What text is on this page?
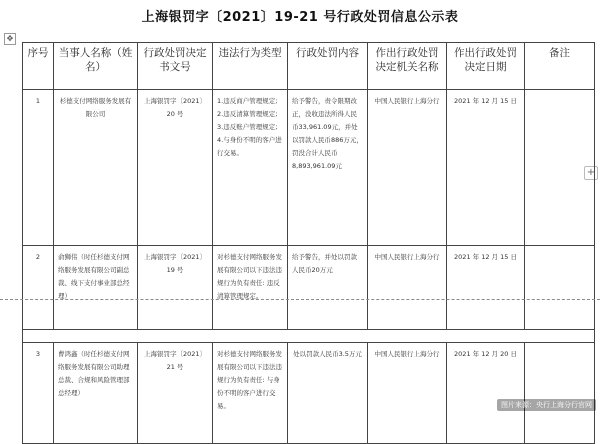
上海银罚字〔2021〕19-21 号行政处罚信息公示表
✥
+
序号	当事人名称（姓名）	行政处罚决定书文号	违法行为类型	行政处罚内容	作出行政处罚决定机关名称	作出行政处罚决定日期	备注
1	杉德支付网络服务发展有限公司	上海银罚字〔2021〕20 号	1.违反商户管理规定; 2.违反清算管理规定; 3.违反账户管理规定; 4.与身份不明的客户进行交易。	给予警告，责令限期改正，没收违法所得人民币33,961.09元，并处以罚款人民币886万元，罚没合计人民币8,893,961.09元	中国人民银行上海分行	2021 年 12 月 15 日	
2	俞狮伟（时任杉德支付网络服务发展有限公司副总裁、线下支付事业部总经理）	上海银罚字〔2021〕19 号	对杉德支付网络服务发展有限公司以下违法违规行为负有责任: 违反清算管理规定。	给予警告，并处以罚款人民币20万元	中国人民银行上海分行	2021 年 12 月 15 日	

3	曹鸿鑫（时任杉德支付网络服务发展有限公司助理总裁、合规和风险管理部总经理）	上海银罚字〔2021〕21 号	对杉德支付网络服务发展有限公司以下违法违规行为负有责任: 与身份不明的客户进行交易。	处以罚款人民币3.5万元	中国人民银行上海分行	2021 年 12 月 20 日	
图片来源：央行上海分行官网
